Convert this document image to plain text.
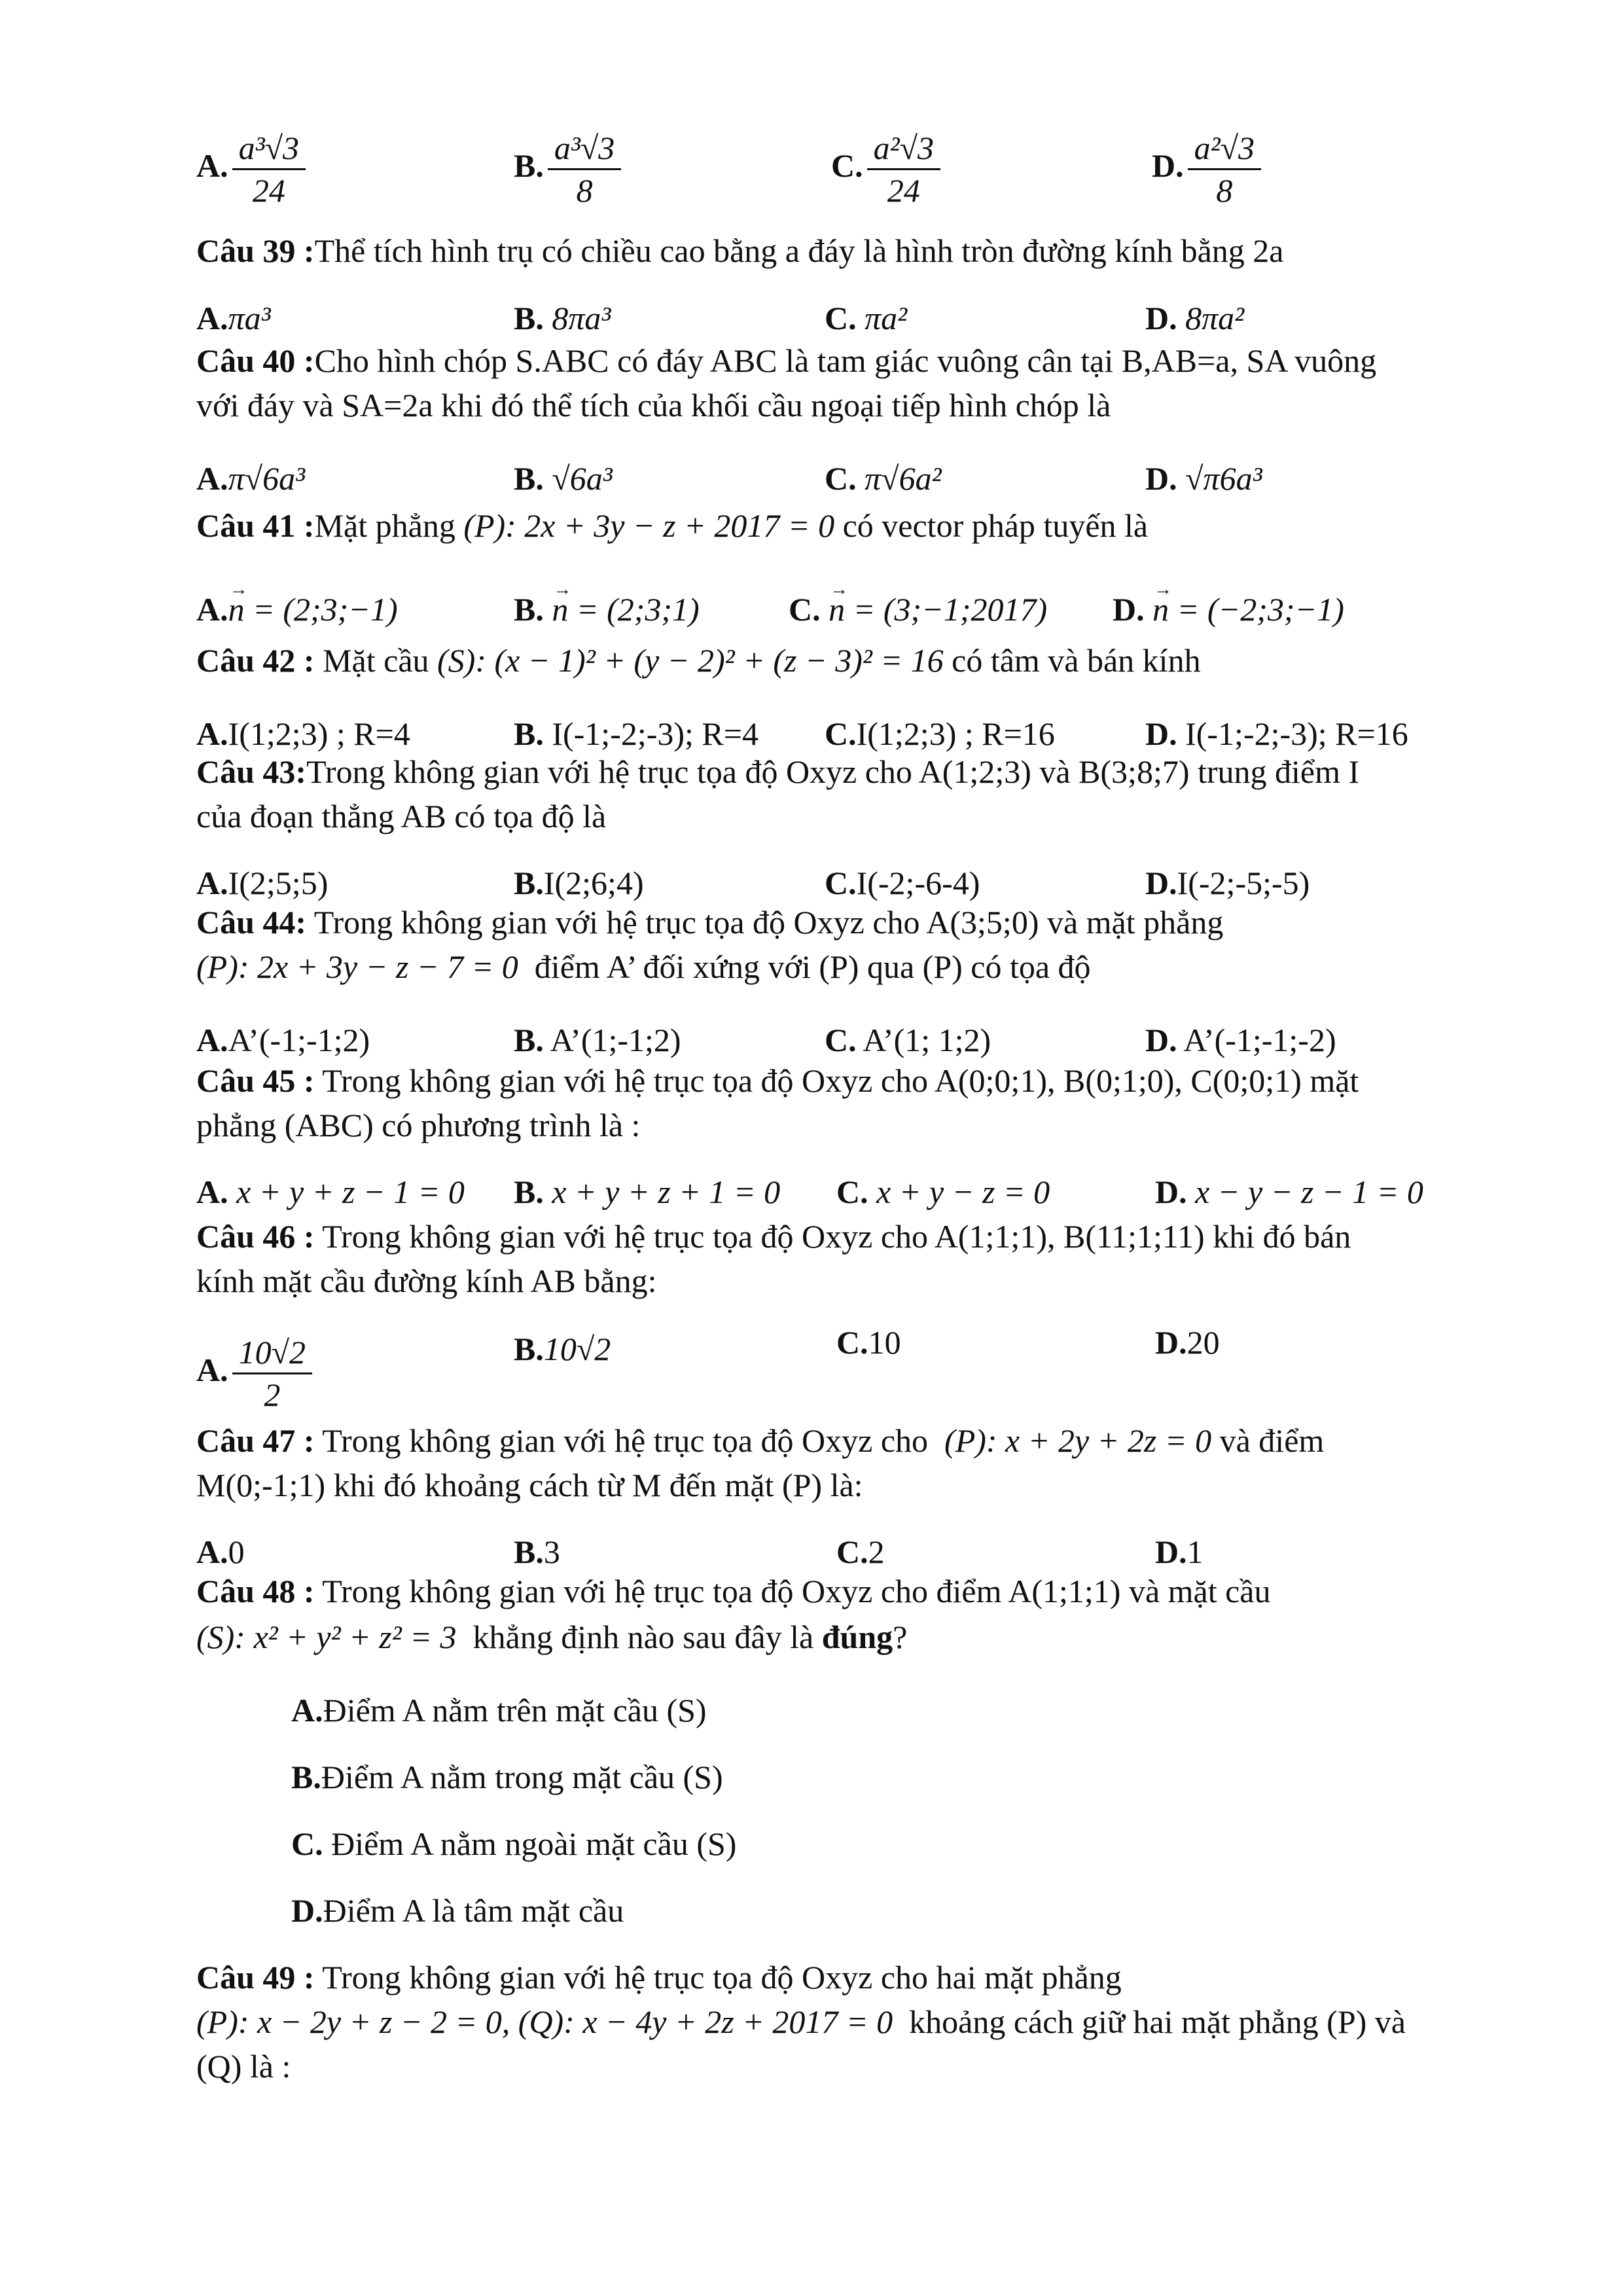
A. $\frac{\text{a³√3}}{24}$	B. $\frac{\text{a³√3}}{8}$	C. $\frac{\text{a²√3}}{24}$	D. $\frac{\text{a²√3}}{8}$
Câu 39 :Thể tích hình trụ có chiều cao bằng a đáy là hình tròn đường kính bằng 2a
A.πa³	B. 8πa³	C. πa²	D. 8πa²
Câu 40 :Cho hình chóp S.ABC có đáy ABC là tam giác vuông cân tại B,AB=a, SA vuông
với đáy và SA=2a khi đó thể tích của khối cầu ngoại tiếp hình chóp là
A.π√6a³	B. √6a³	C. π√6a²	D. √π6a³
Câu 41 :Mặt phẳng (P): 2x + 3y − z + 2017 = 0 có vector pháp tuyến là
A.→ n = (2;3;−1)	B. → n = (2;3;1)	C. → n = (3;−1;2017) D. → n = (−2;3;−1)
Câu 42 : Mặt cầu (S): (x − 1)² + (y − 2)² + (z − 3)² = 16 có tâm và bán kính
A.I(1;2;3) ; R=4	B. I(-1;-2;-3); R=4 C.I(1;2;3) ; R=16	D. I(-1;-2;-3); R=16
Câu 43:Trong không gian với hệ trục tọa độ Oxyz cho A(1;2;3) và B(3;8;7) trung điểm I
của đoạn thẳng AB có tọa độ là
A.I(2;5;5)	B.I(2;6;4)	C.I(-2;-6-4)	D.I(-2;-5;-5)
Câu 44: Trong không gian với hệ trục tọa độ Oxyz cho A(3;5;0) và mặt phẳng
(P): 2x + 3y − z − 7 = 0 điểm A’ đối xứng với (P) qua (P) có tọa độ
A.A’(-1;-1;2)	B. A’(1;-1;2)	C. A’(1; 1;2)	D. A’(-1;-1;-2)
Câu 45 : Trong không gian với hệ trục tọa độ Oxyz cho A(0;0;1), B(0;1;0), C(0;0;1) mặt
phẳng (ABC) có phương trình là :
A. x + y + z − 1 = 0 B. x + y + z + 1 = 0 C. x + y − z = 0	D. x − y − z − 1 = 0
Câu 46 : Trong không gian với hệ trục tọa độ Oxyz cho A(1;1;1), B(11;1;11) khi đó bán
kính mặt cầu đường kính AB bằng:
A. $\frac{10√2}{2}$	B.10√2	C.10	D.20
Câu 47 : Trong không gian với hệ trục tọa độ Oxyz cho (P): x + 2y + 2z = 0 và điểm
M(0;-1;1) khi đó khoảng cách từ M đến mặt (P) là:
A.0	B.3	C.2	D.1
Câu 48 : Trong không gian với hệ trục tọa độ Oxyz cho điểm A(1;1;1) và mặt cầu
(S): x² + y² + z² = 3 khẳng định nào sau đây là đúng?
A.Điểm A nằm trên mặt cầu (S)
B.Điểm A nằm trong mặt cầu (S)
C. Điểm A nằm ngoài mặt cầu (S)
D.Điểm A là tâm mặt cầu
Câu 49 : Trong không gian với hệ trục tọa độ Oxyz cho hai mặt phẳng
(P): x − 2y + z − 2 = 0, (Q): x − 4y + 2z + 2017 = 0 khoảng cách giữ hai mặt phẳng (P) và
(Q) là :
